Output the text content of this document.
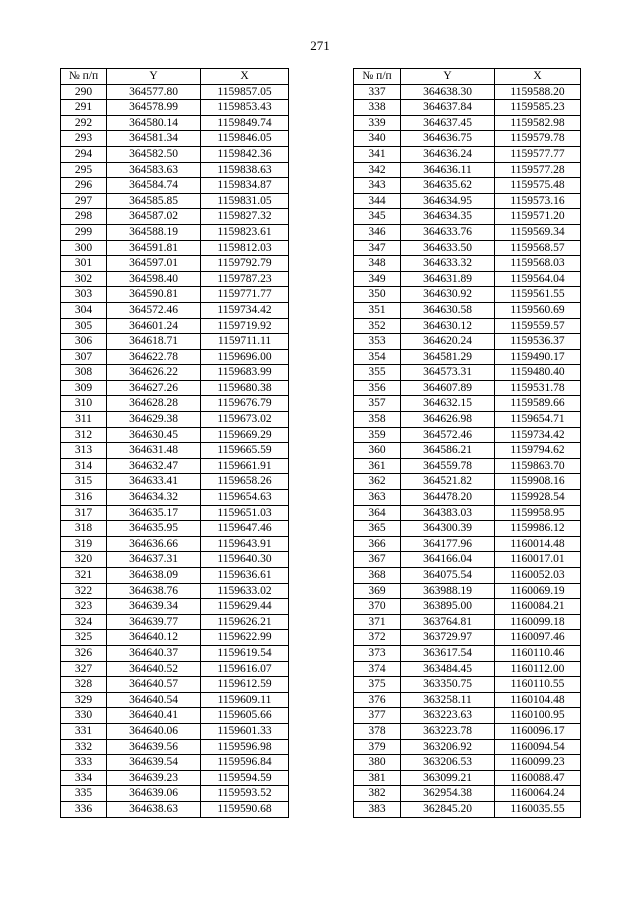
271
№ п/п	Y	X
290	364577.80	1159857.05
291	364578.99	1159853.43
292	364580.14	1159849.74
293	364581.34	1159846.05
294	364582.50	1159842.36
295	364583.63	1159838.63
296	364584.74	1159834.87
297	364585.85	1159831.05
298	364587.02	1159827.32
299	364588.19	1159823.61
300	364591.81	1159812.03
301	364597.01	1159792.79
302	364598.40	1159787.23
303	364590.81	1159771.77
304	364572.46	1159734.42
305	364601.24	1159719.92
306	364618.71	1159711.11
307	364622.78	1159696.00
308	364626.22	1159683.99
309	364627.26	1159680.38
310	364628.28	1159676.79
311	364629.38	1159673.02
312	364630.45	1159669.29
313	364631.48	1159665.59
314	364632.47	1159661.91
315	364633.41	1159658.26
316	364634.32	1159654.63
317	364635.17	1159651.03
318	364635.95	1159647.46
319	364636.66	1159643.91
320	364637.31	1159640.30
321	364638.09	1159636.61
322	364638.76	1159633.02
323	364639.34	1159629.44
324	364639.77	1159626.21
325	364640.12	1159622.99
326	364640.37	1159619.54
327	364640.52	1159616.07
328	364640.57	1159612.59
329	364640.54	1159609.11
330	364640.41	1159605.66
331	364640.06	1159601.33
332	364639.56	1159596.98
333	364639.54	1159596.84
334	364639.23	1159594.59
335	364639.06	1159593.52
336	364638.63	1159590.68
№ п/п	Y	X
337	364638.30	1159588.20
338	364637.84	1159585.23
339	364637.45	1159582.98
340	364636.75	1159579.78
341	364636.24	1159577.77
342	364636.11	1159577.28
343	364635.62	1159575.48
344	364634.95	1159573.16
345	364634.35	1159571.20
346	364633.76	1159569.34
347	364633.50	1159568.57
348	364633.32	1159568.03
349	364631.89	1159564.04
350	364630.92	1159561.55
351	364630.58	1159560.69
352	364630.12	1159559.57
353	364620.24	1159536.37
354	364581.29	1159490.17
355	364573.31	1159480.40
356	364607.89	1159531.78
357	364632.15	1159589.66
358	364626.98	1159654.71
359	364572.46	1159734.42
360	364586.21	1159794.62
361	364559.78	1159863.70
362	364521.82	1159908.16
363	364478.20	1159928.54
364	364383.03	1159958.95
365	364300.39	1159986.12
366	364177.96	1160014.48
367	364166.04	1160017.01
368	364075.54	1160052.03
369	363988.19	1160069.19
370	363895.00	1160084.21
371	363764.81	1160099.18
372	363729.97	1160097.46
373	363617.54	1160110.46
374	363484.45	1160112.00
375	363350.75	1160110.55
376	363258.11	1160104.48
377	363223.63	1160100.95
378	363223.78	1160096.17
379	363206.92	1160094.54
380	363206.53	1160099.23
381	363099.21	1160088.47
382	362954.38	1160064.24
383	362845.20	1160035.55
